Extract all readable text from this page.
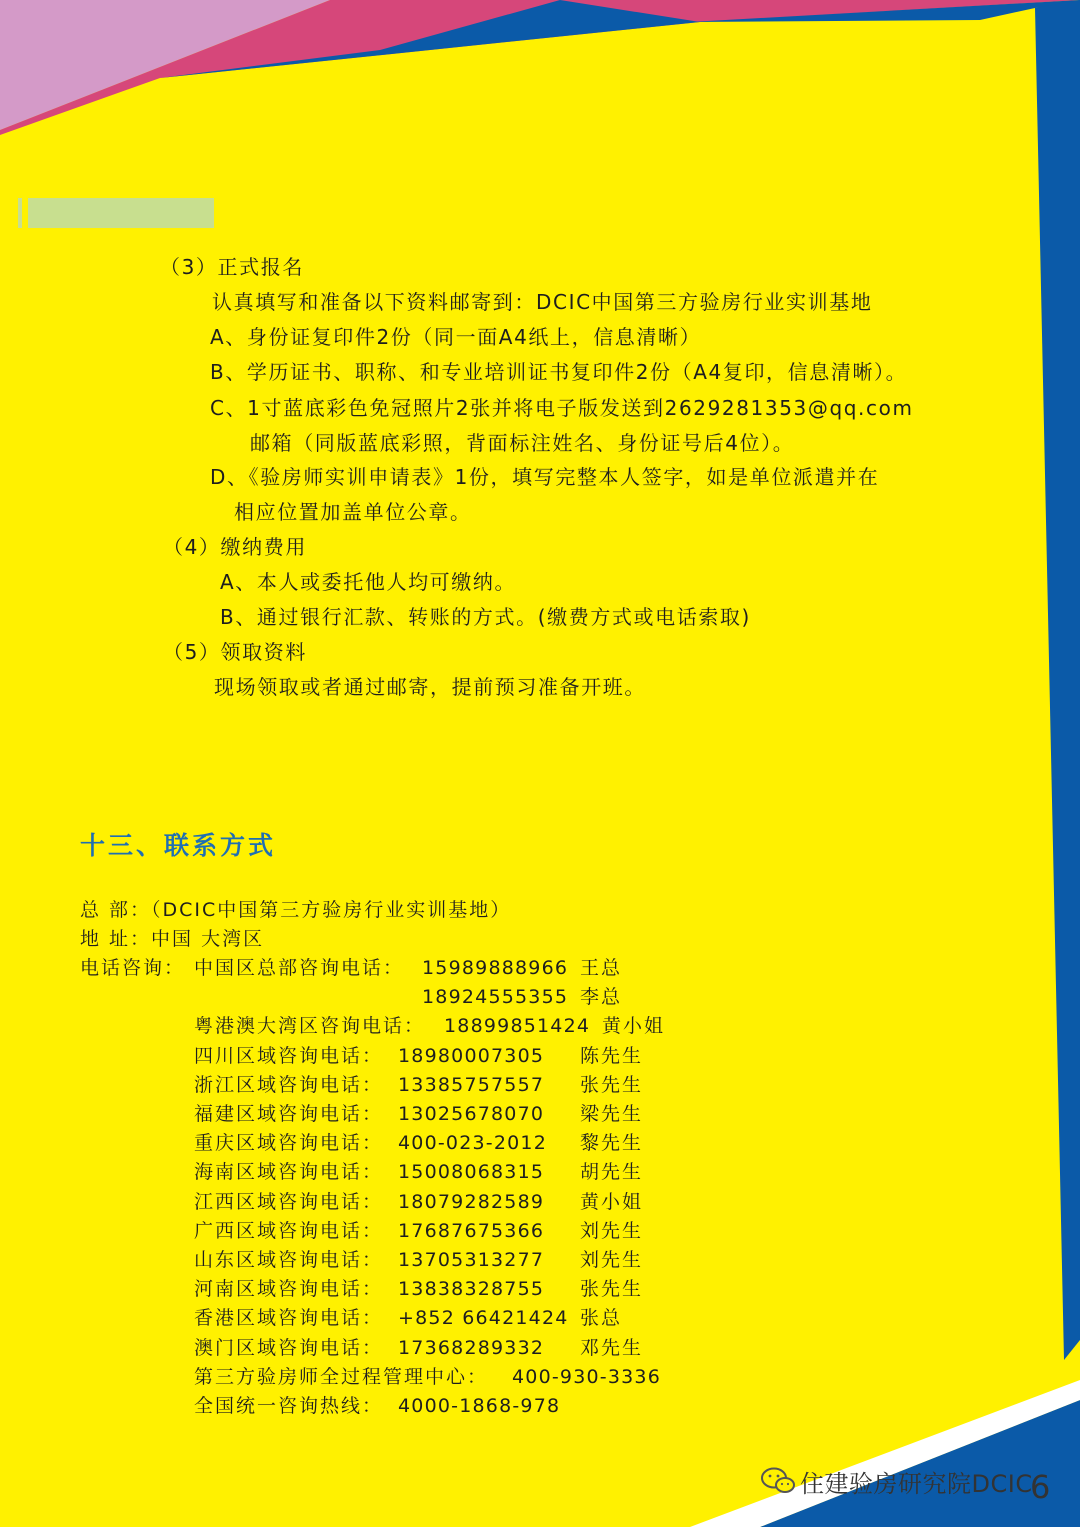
（3）正式报名
认真填写和准备以下资料邮寄到：DCIC中国第三方验房行业实训基地
A、身份证复印件2份（同一面A4纸上，信息清晰）
B、学历证书、职称、和专业培训证书复印件2份（A4复印，信息清晰）。
C、1寸蓝底彩色免冠照片2张并将电子版发送到2629281353@qq.com
邮箱（同版蓝底彩照，背面标注姓名、身份证号后4位）。
D、《验房师实训申请表》1份，填写完整本人签字，如是单位派遣并在
相应位置加盖单位公章。
（4）缴纳费用
A、本人或委托他人均可缴纳。
B、通过银行汇款、转账的方式。(缴费方式或电话索取)
（5）领取资料
现场领取或者通过邮寄，提前预习准备开班。
十三、联系方式
总 部：（DCIC中国第三方验房行业实训基地）
地 址：中国 大湾区
电话咨询： 中国区总部咨询电话： 15989888966 王总
18924555355 李总
粤港澳大湾区咨询电话： 18899851424 黄小姐
四川区域咨询电话： 18980007305 陈先生
浙江区域咨询电话： 13385757557 张先生
福建区域咨询电话： 13025678070 梁先生
重庆区域咨询电话： 400-023-2012 黎先生
海南区域咨询电话： 15008068315 胡先生
江西区域咨询电话： 18079282589 黄小姐
广西区域咨询电话： 17687675366 刘先生
山东区域咨询电话： 13705313277 刘先生
河南区域咨询电话： 13838328755 张先生
香港区域咨询电话： +852 66421424 张总
澳门区域咨询电话： 17368289332 邓先生
第三方验房师全过程管理中心： 400-930-3336
全国统一咨询热线： 4000-1868-978
住建验房研究院DCIC
6
